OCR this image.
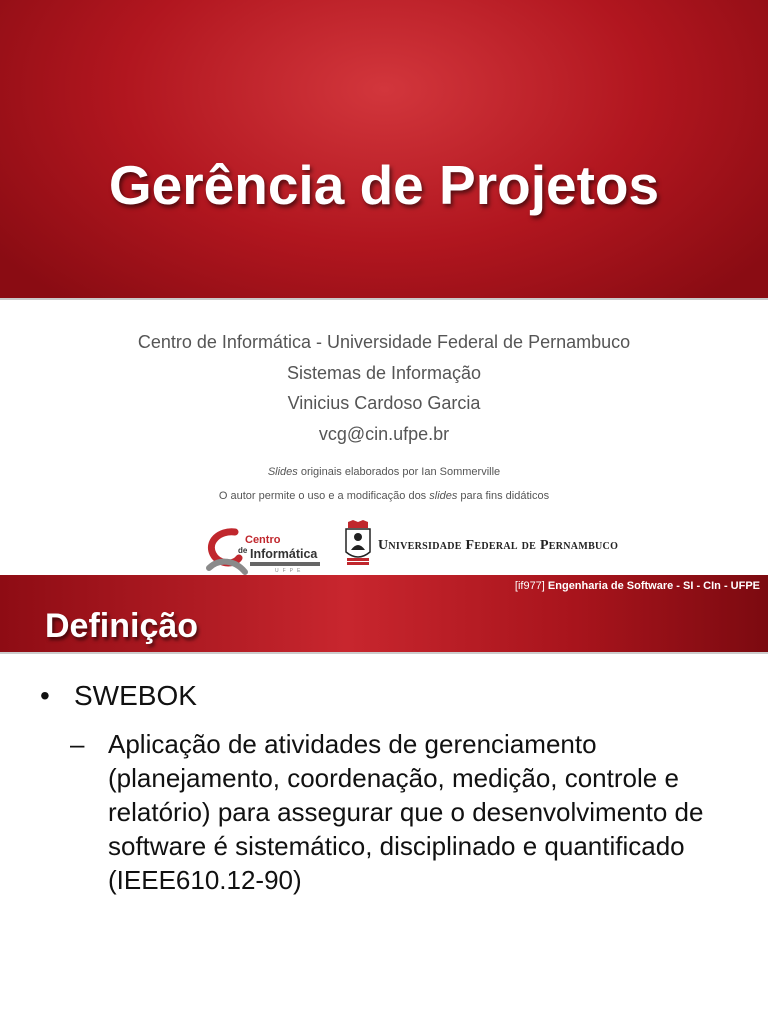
Gerência de Projetos
Centro de Informática - Universidade Federal de Pernambuco
Sistemas de Informação
Vinicius Cardoso Garcia
vcg@cin.ufpe.br
Slides originais elaborados por Ian Sommerville
O autor permite o uso e a modificação dos slides para fins didáticos
Centro
de Informática
UFPE
Universidade Federal de Pernambuco
[if977] Engenharia de Software - SI - CIn - UFPE
Definição
• SWEBOK
– Aplicação de atividades de gerenciamento (planejamento, coordenação, medição, controle e relatório) para assegurar que o desenvolvimento de software é sistemático, disciplinado e quantificado (IEEE610.12-90)
